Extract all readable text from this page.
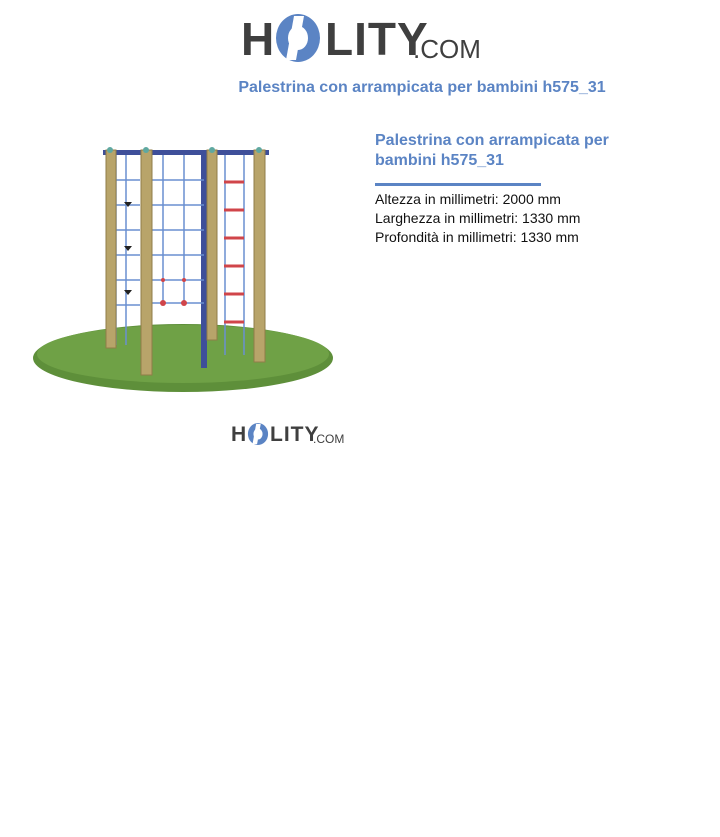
H LITY
.COM
Palestrina con arrampicata per bambini h575_31
H LITY
.COM
Palestrina con arrampicata per bambini h575_31

Altezza in millimetri: 2000 mm

Larghezza in millimetri: 1330 mm

Profondità in millimetri: 1330 mm
